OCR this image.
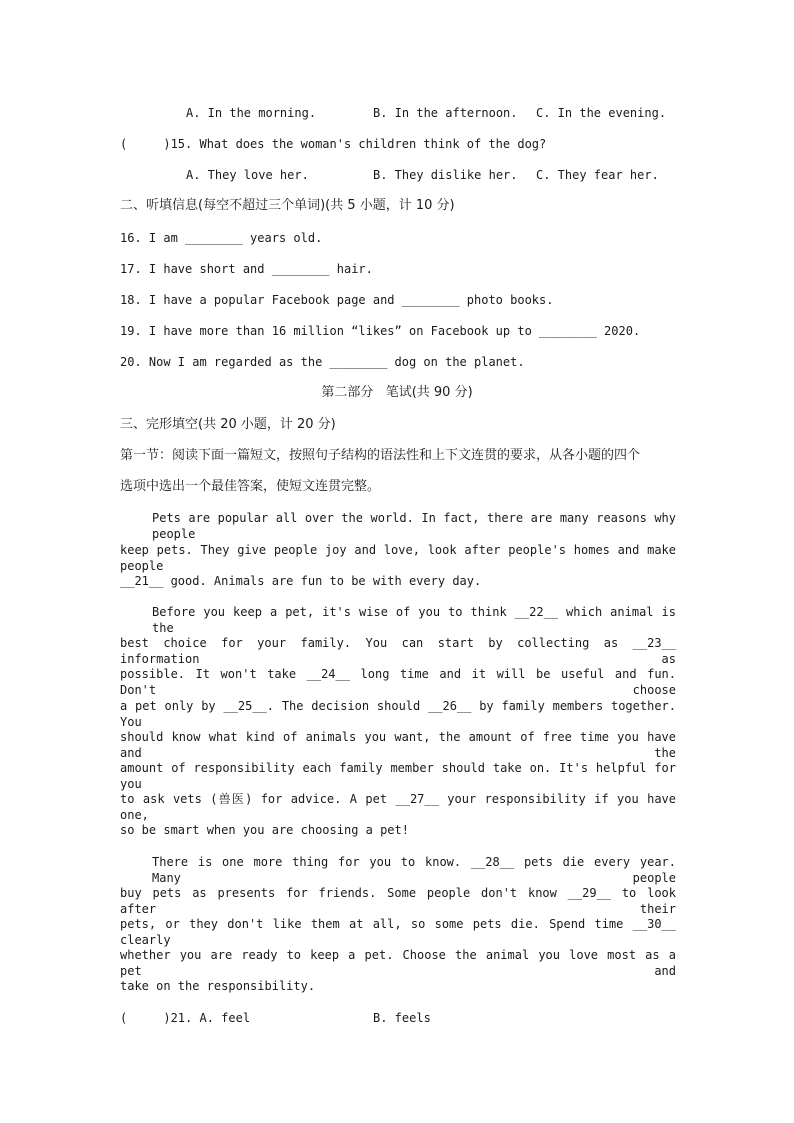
A. In the morning.	B. In the afternoon. C. In the evening.
(     )15. What does the woman's children think of the dog?
A. They love her.	B. They dislike her. C. They fear her.
二、听填信息(每空不超过三个单词)(共 5 小题，计 10 分)
16. I am ________ years old.
17. I have short and ________ hair.
18. I have a popular Facebook page and ________ photo books.
19. I have more than 16 million “likes” on Facebook up to ________ 2020.
20. Now I am regarded as the ________ dog on the planet.
第二部分   笔试(共 90 分)
三、完形填空(共 20 小题，计 20 分)
第一节：阅读下面一篇短文，按照句子结构的语法性和上下文连贯的要求，从各小题的四个
选项中选出一个最佳答案，使短文连贯完整。
Pets are popular all over the world. In fact, there are many reasons why people
keep pets. They give people joy and love, look after people's homes and make people
__21__ good. Animals are fun to be with every day.
Before you keep a pet, it's wise of you to think __22__ which animal is the
best choice for your family. You can start by collecting as __23__ information as
possible. It won't take __24__ long time and it will be useful and fun. Don't choose
a pet only by __25__. The decision should __26__ by family members together. You
should know what kind of animals you want, the amount of free time you have and the
amount of responsibility each family member should take on. It's helpful for you
to ask vets (兽医) for advice. A pet __27__ your responsibility if you have one,
so be smart when you are choosing a pet!
There is one more thing for you to know. __28__ pets die every year. Many people
buy pets as presents for friends. Some people don't know __29__ to look after their
pets, or they don't like them at all, so some pets die. Spend time __30__ clearly
whether you are ready to keep a pet. Choose the animal you love most as a pet and
take on the responsibility.
(     )21. A. feel	B. feels
